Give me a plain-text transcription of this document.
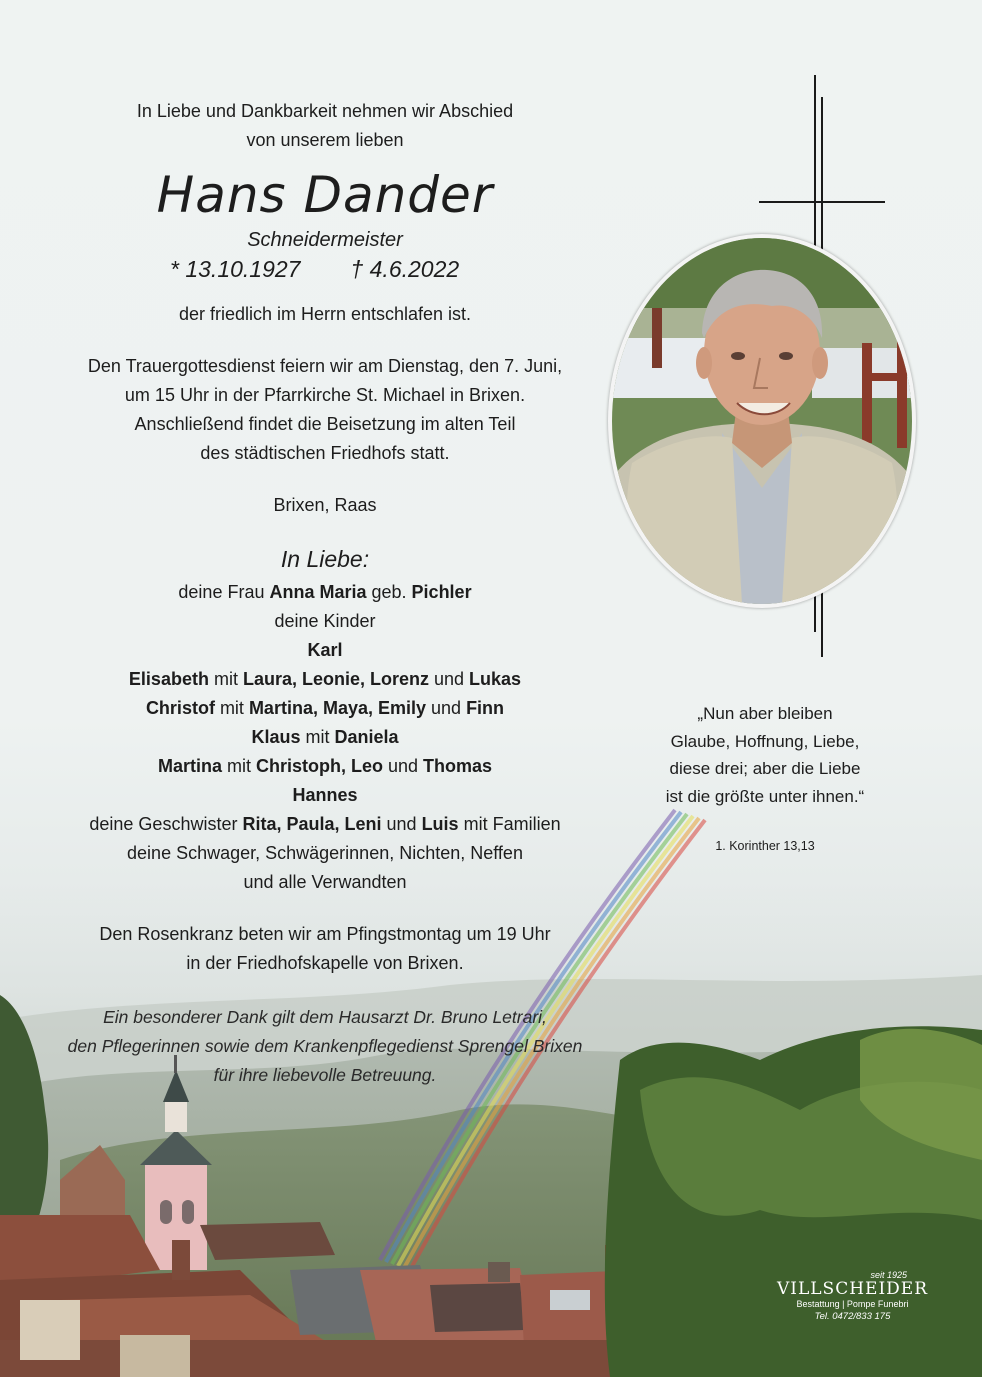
In Liebe und Dankbarkeit nehmen wir Abschied
von unserem lieben
Hans Dander
Schneidermeister
* 13.10.1927 † 4.6.2022
der friedlich im Herrn entschlafen ist.
Den Trauergottesdienst feiern wir am Dienstag, den 7. Juni,
um 15 Uhr in der Pfarrkirche St. Michael in Brixen.
Anschließend findet die Beisetzung im alten Teil
des städtischen Friedhofs statt.
Brixen, Raas
In Liebe:
deine Frau Anna Maria geb. Pichler
deine Kinder
Karl
Elisabeth mit Laura, Leonie, Lorenz und Lukas
Christof mit Martina, Maya, Emily und Finn
Klaus mit Daniela
Martina mit Christoph, Leo und Thomas
Hannes
deine Geschwister Rita, Paula, Leni und Luis mit Familien
deine Schwager, Schwägerinnen, Nichten, Neffen
und alle Verwandten
Den Rosenkranz beten wir am Pfingstmontag um 19 Uhr
in der Friedhofskapelle von Brixen.
Ein besonderer Dank gilt dem Hausarzt Dr. Bruno Letrari,
den Pflegerinnen sowie dem Krankenpflegedienst Sprengel Brixen
für ihre liebevolle Betreuung.
„Nun aber bleiben
Glaube, Hoffnung, Liebe,
diese drei; aber die Liebe
ist die größte unter ihnen.“
1. Korinther 13,13
seit 1925
VILLSCHEIDER
Bestattung | Pompe Funebri
Tel. 0472/833 175
